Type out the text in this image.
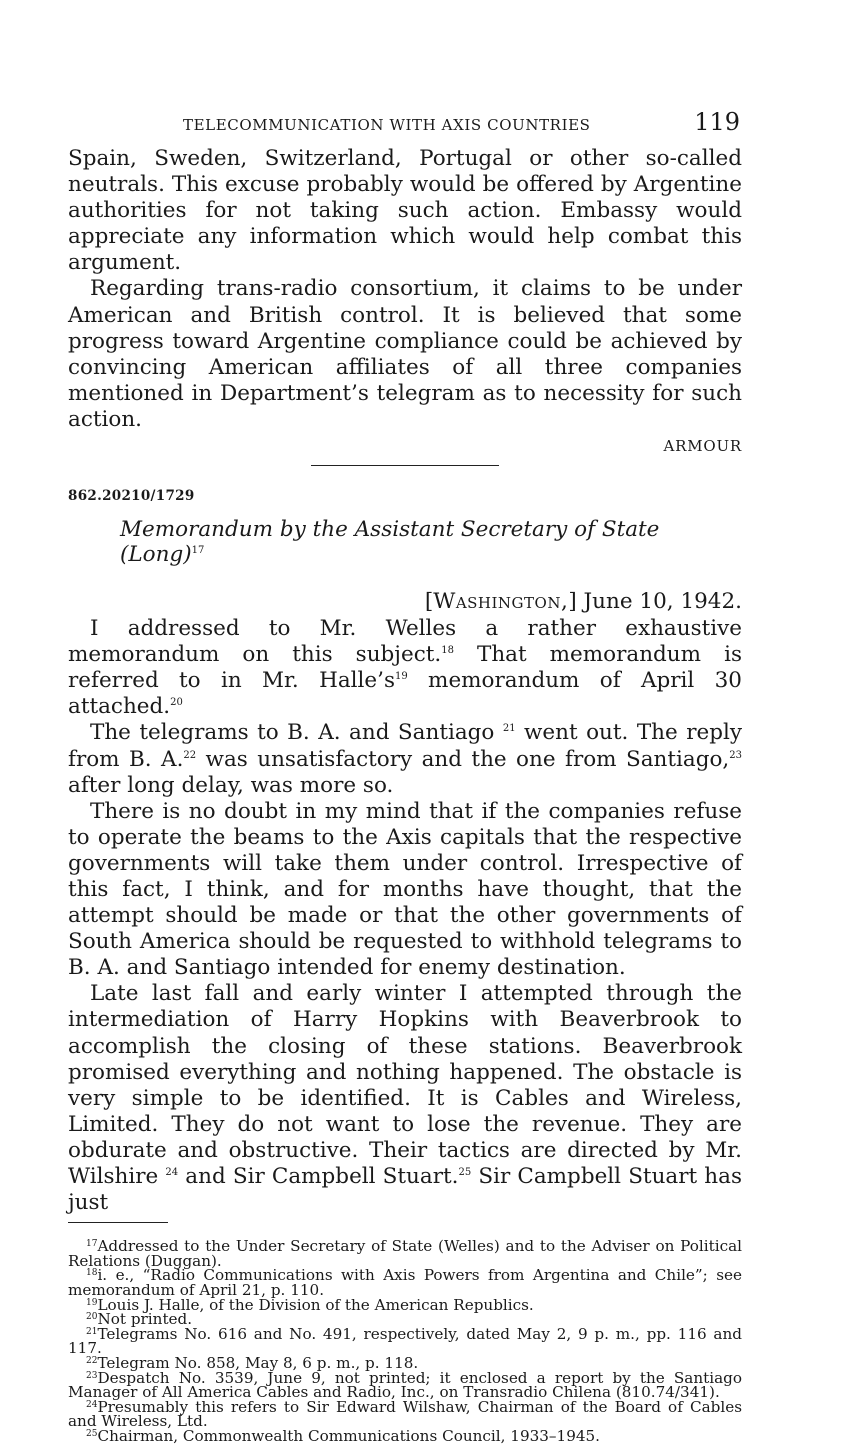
TELECOMMUNICATION WITH AXIS COUNTRIES	119

Spain, Sweden, Switzerland, Portugal or other so-called neutrals. This excuse probably would be offered by Argentine authorities for not taking such action. Embassy would appreciate any information which would help combat this argument.

Regarding trans-radio consortium, it claims to be under American and British control. It is believed that some progress toward Argentine compliance could be achieved by convincing American affiliates of all three companies mentioned in Department’s telegram as to necessity for such action.

ARMOUR
862.20210/1729
Memorandum by the Assistant Secretary of State (Long)$^{17}$
[Washington,] June 10, 1942.

I addressed to Mr. Welles a rather exhaustive memorandum on this subject.$^{18}$ That memorandum is referred to in Mr. $Halle’s^{19}$ memorandum of April 30 attached.$^{20}$

The telegrams to B. A. and Santiago $^{21}$ went out. The reply from B. A.$^{22}$ was unsatisfactory and the one from Santiago,$^{23}$ after long delay, was more so.

There is no doubt in my mind that if the companies refuse to operate the beams to the Axis capitals that the respective governments will take them under control. Irrespective of this fact, I think, and for months have thought, that the attempt should be made or that the other governments of South America should be requested to withhold telegrams to B. A. and Santiago intended for enemy destination.

Late last fall and early winter I attempted through the intermediation of Harry Hopkins with Beaverbrook to accomplish the closing of these stations. Beaverbrook promised everything and nothing happened. The obstacle is very simple to be identified. It is Cables and Wireless, Limited. They do not want to lose the revenue. They are obdurate and obstructive. Their tactics are directed by Mr. Wilshire $^{24}$ and Sir Campbell Stuart.$^{25}$ Sir Campbell Stuart has just

$^{17}$Addressed to the Under Secretary of State (Welles) and to the Adviser on Political Relations (Duggan).

$^{18}$i. e., “Radio Communications with Axis Powers from Argentina and Chile”; see memorandum of April 21, p. 110.

$^{19}$Louis J. Halle, of the Division of the American Republics.

$^{20}$Not printed.

$^{21}$Telegrams No. 616 and No. 491, respectively, dated May 2, 9 p. m., pp. 116 and 117.

$^{22}$Telegram No. 858, May 8, 6 p. m., p. 118.

$^{23}$Despatch No. 3539, June 9, not printed; it enclosed a report by the Santiago Manager of All America Cables and Radio, Inc., on Transradio Chilena (810.74/341).

$^{24}$Presumably this refers to Sir Edward Wilshaw, Chairman of the Board of Cables and Wireless, Ltd.

$^{25}$Chairman, Commonwealth Communications Council, 1933–1945.
